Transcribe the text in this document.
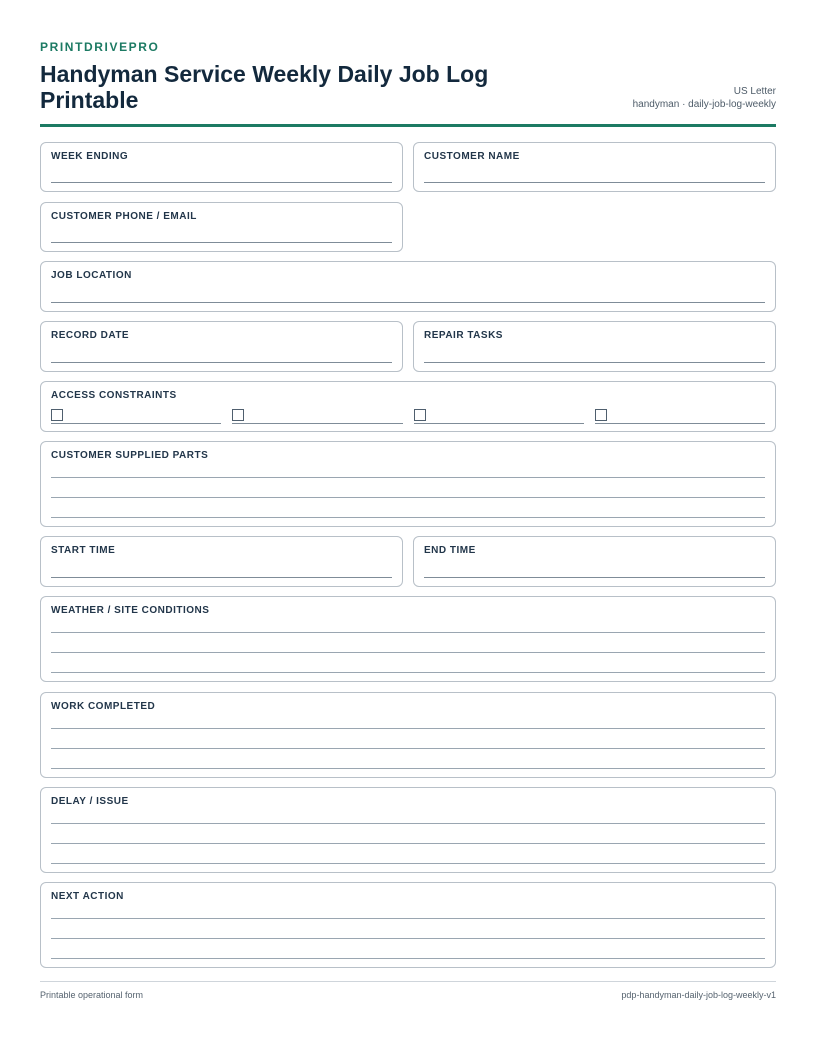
PRINTDRIVEPRO
Handyman Service Weekly Daily Job Log Printable	US Letter
handyman · daily-job-log-weekly
WEEK ENDING	CUSTOMER NAME
CUSTOMER PHONE / EMAIL
JOB LOCATION
RECORD DATE	REPAIR TASKS
ACCESS CONSTRAINTS
CUSTOMER SUPPLIED PARTS
START TIME	END TIME
WEATHER / SITE CONDITIONS
WORK COMPLETED
DELAY / ISSUE
NEXT ACTION
Printable operational form	pdp-handyman-daily-job-log-weekly-v1
